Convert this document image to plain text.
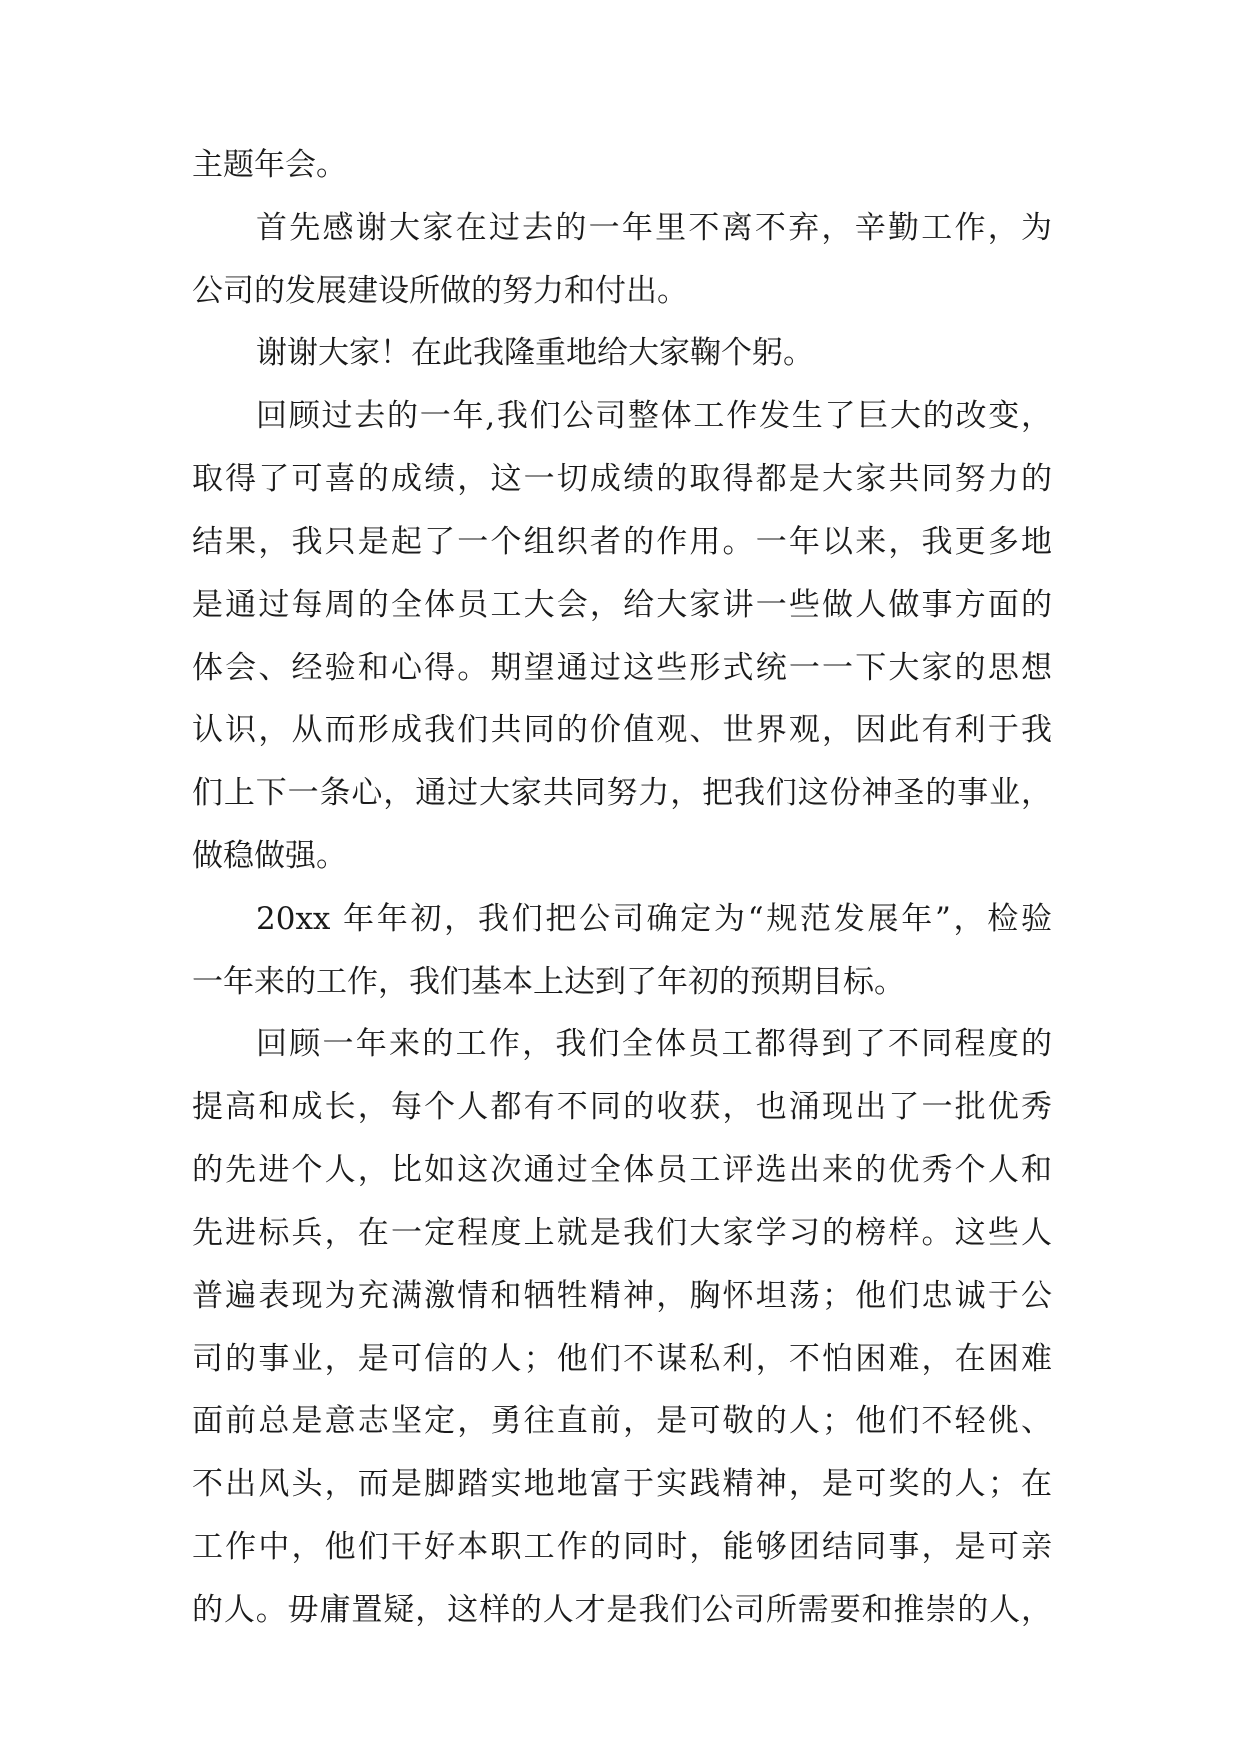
主题年会。
首先感谢大家在过去的一年里不离不弃，辛勤工作，为
公司的发展建设所做的努力和付出。
谢谢大家！在此我隆重地给大家鞠个躬。
回顾过去的一年,我们公司整体工作发生了巨大的改变，
取得了可喜的成绩，这一切成绩的取得都是大家共同努力的
结果，我只是起了一个组织者的作用。一年以来，我更多地
是通过每周的全体员工大会，给大家讲一些做人做事方面的
体会、经验和心得。期望通过这些形式统一一下大家的思想
认识，从而形成我们共同的价值观、世界观，因此有利于我
们上下一条心，通过大家共同努力，把我们这份神圣的事业，
做稳做强。
20xx 年年初，我们把公司确定为“规范发展年”，检验
一年来的工作，我们基本上达到了年初的预期目标。
回顾一年来的工作，我们全体员工都得到了不同程度的
提高和成长，每个人都有不同的收获，也涌现出了一批优秀
的先进个人，比如这次通过全体员工评选出来的优秀个人和
先进标兵，在一定程度上就是我们大家学习的榜样。这些人
普遍表现为充满激情和牺牲精神，胸怀坦荡；他们忠诚于公
司的事业，是可信的人；他们不谋私利，不怕困难，在困难
面前总是意志坚定，勇往直前，是可敬的人；他们不轻佻、
不出风头，而是脚踏实地地富于实践精神，是可奖的人；在
工作中，他们干好本职工作的同时，能够团结同事，是可亲
的人。毋庸置疑，这样的人才是我们公司所需要和推崇的人，
